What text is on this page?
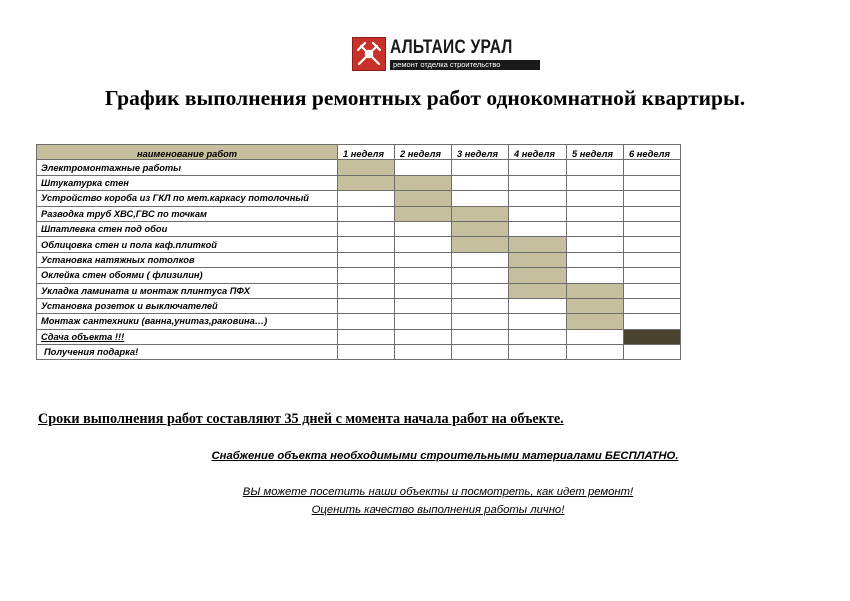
АЛЬТАИС УРАЛ
ремонт отделка строительство
График выполнения ремонтных работ однокомнатной квартиры.
наименование работ	1 неделя	2 неделя	3 неделя	4 неделя	5 неделя	6 неделя
Электромонтажные работы						
Штукатурка стен						
Устройство короба из ГКЛ по мет.каркасу потолочный						
Разводка труб ХВС,ГВС по точкам						
Шпатлевка стен под обои						
Облицовка стен и пола каф.плиткой						
Установка натяжных потолков						
Оклейка стен обоями ( флизилин)						
Укладка ламината и монтаж плинтуса ПФХ						
Установка розеток и выключателей						
Монтаж сантехники (ванна,унитаз,раковина…)						
Сдача объекта !!!						
Получения подарка!						
Сроки выполнения работ составляют 35 дней с момента начала работ на объекте.
Снабжение объекта необходимыми строительными материалами БЕСПЛАТНО.
ВЫ можете посетить наши объекты и посмотреть, как идет ремонт!
Оценить качество выполнения работы лично!
